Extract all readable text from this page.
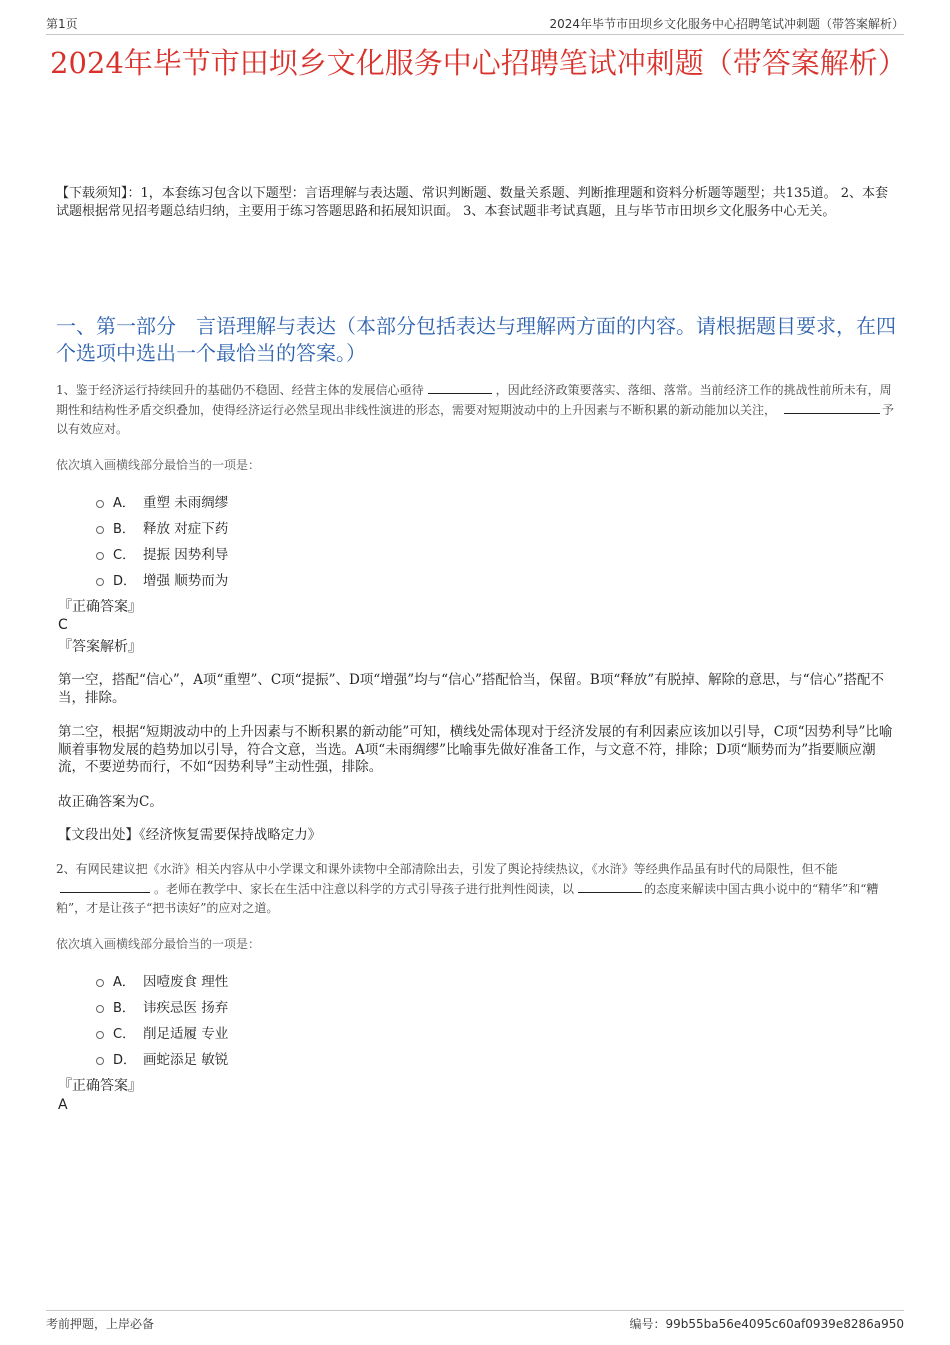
第1页	2024年毕节市田坝乡文化服务中心招聘笔试冲刺题（带答案解析）
2024年毕节市田坝乡文化服务中心招聘笔试冲刺题（带答案解析）
【下载须知】：1，本套练习包含以下题型：言语理解与表达题、常识判断题、数量关系题、判断推理题和资料分析题等题型；共135道。 2、本套试题根据常见招考题总结归纳，主要用于练习答题思路和拓展知识面。 3、本套试题非考试真题，且与毕节市田坝乡文化服务中心无关。
一、第一部分　言语理解与表达（本部分包括表达与理解两方面的内容。请根据题目要求，在四个选项中选出一个最恰当的答案。）
1、鉴于经济运行持续回升的基础仍不稳固、经营主体的发展信心亟待	，因此经济政策要落实、落细、落常。当前经济工作的挑战性前所未有，周期性和结构性矛盾交织叠加，使得经济运行必然呈现出非线性演进的形态，需要对短期波动中的上升因素与不断积累的新动能加以关注，	予以有效应对。
依次填入画横线部分最恰当的一项是：
A． 重塑 未雨绸缪
B． 释放 对症下药
C． 提振 因势利导
D． 增强 顺势而为
『正确答案』
C
『答案解析』
第一空，搭配“信心”，A项“重塑”、C项“提振”、D项“增强”均与“信心”搭配恰当，保留。B项“释放”有脱掉、解除的意思，与“信心”搭配不当，排除。
第二空，根据“短期波动中的上升因素与不断积累的新动能”可知，横线处需体现对于经济发展的有利因素应该加以引导，C项“因势利导”比喻顺着事物发展的趋势加以引导，符合文意，当选。A项“未雨绸缪”比喻事先做好准备工作，与文意不符，排除；D项“顺势而为”指要顺应潮流，不要逆势而行，不如“因势利导”主动性强，排除。
故正确答案为C。
【文段出处】《经济恢复需要保持战略定力》
2、有网民建议把《水浒》相关内容从中小学课文和课外读物中全部清除出去，引发了舆论持续热议，《水浒》等经典作品虽有时代的局限性，但不能。老师在教学中、家长在生活中注意以科学的方式引导孩子进行批判性阅读，以	的态度来解读中国古典小说中的“精华”和“糟粕”，才是让孩子“把书读好”的应对之道。
依次填入画横线部分最恰当的一项是：
A． 因噎废食 理性
B． 讳疾忌医 扬弃
C． 削足适履 专业
D． 画蛇添足 敏锐
『正确答案』
A
考前押题，上岸必备	编号：99b55ba56e4095c60af0939e8286a950
